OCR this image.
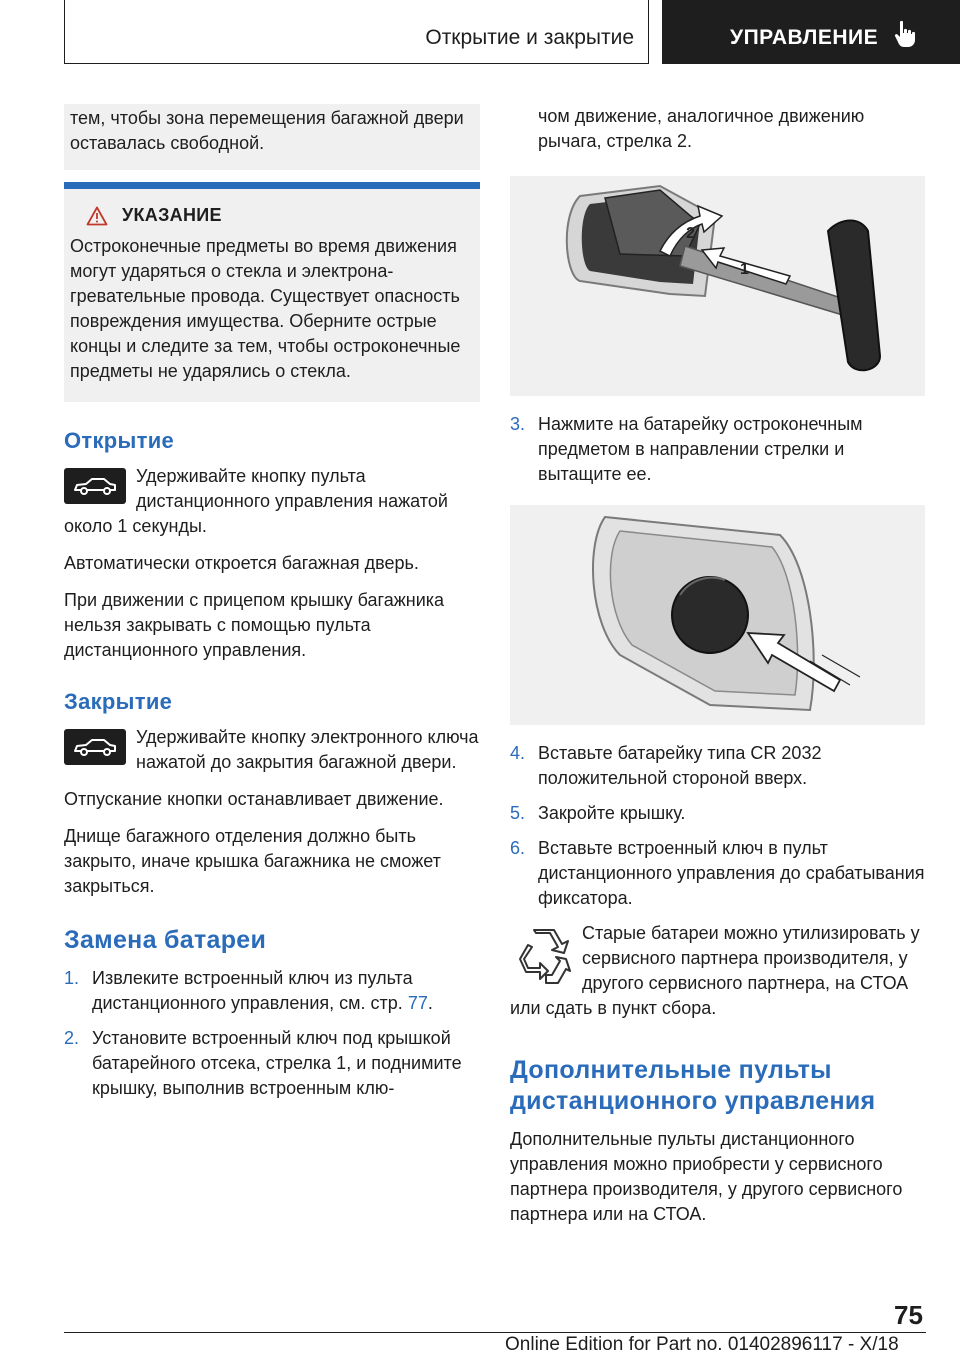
Открытие и закрытие	УПРАВЛЕНИЕ

тем, чтобы зона перемещения багажной двери оставалась свободной.

УКАЗАНИЕ

Остроконечные предметы во время движения могут ударяться о стекла и электрона-гревательные провода. Существует опасность повреждения имущества. Оберните острые концы и следите за тем, чтобы остроконечные предметы не ударялись о стекла.

Открытие

Удерживайте кнопку пульта дистанционного управления нажатой около 1 секунды.

Автоматически откроется багажная дверь.

При движении с прицепом крышку багажника нельзя закрывать с помощью пульта дистанционного управления.

Закрытие

Удерживайте кнопку электронного ключа нажатой до закрытия багажной двери.

Отпускание кнопки останавливает движение.

Днище багажного отделения должно быть закрыто, иначе крышка багажника не сможет закрыться.

Замена батареи
1. Извлеките встроенный ключ из пульта дистанционного управления, см. стр. 77.
2. Установите встроенный ключ под крышкой батарейного отсека, стрелка 1, и поднимите крышку, выполнив встроенным клю-

чом движение, аналогичное движению рычага, стрелка 2.

1
2
3. Нажмите на батарейку остроконечным предметом в направлении стрелки и вытащите ее.
4. Вставьте батарейку типа CR 2032 положительной стороной вверх.
5. Закройте крышку.
6. Вставьте встроенный ключ в пульт дистанционного управления до срабатывания фиксатора.

Старые батареи можно утилизировать у сервисного партнера производителя, у другого сервисного партнера, на СТОА или сдать в пункт сбора.

Дополнительные пульты дистанционного управления

Дополнительные пульты дистанционного управления можно приобрести у сервисного партнера производителя, у другого сервисного партнера или на СТОА.

75
Online Edition for Part no. 01402896117 - X/18
